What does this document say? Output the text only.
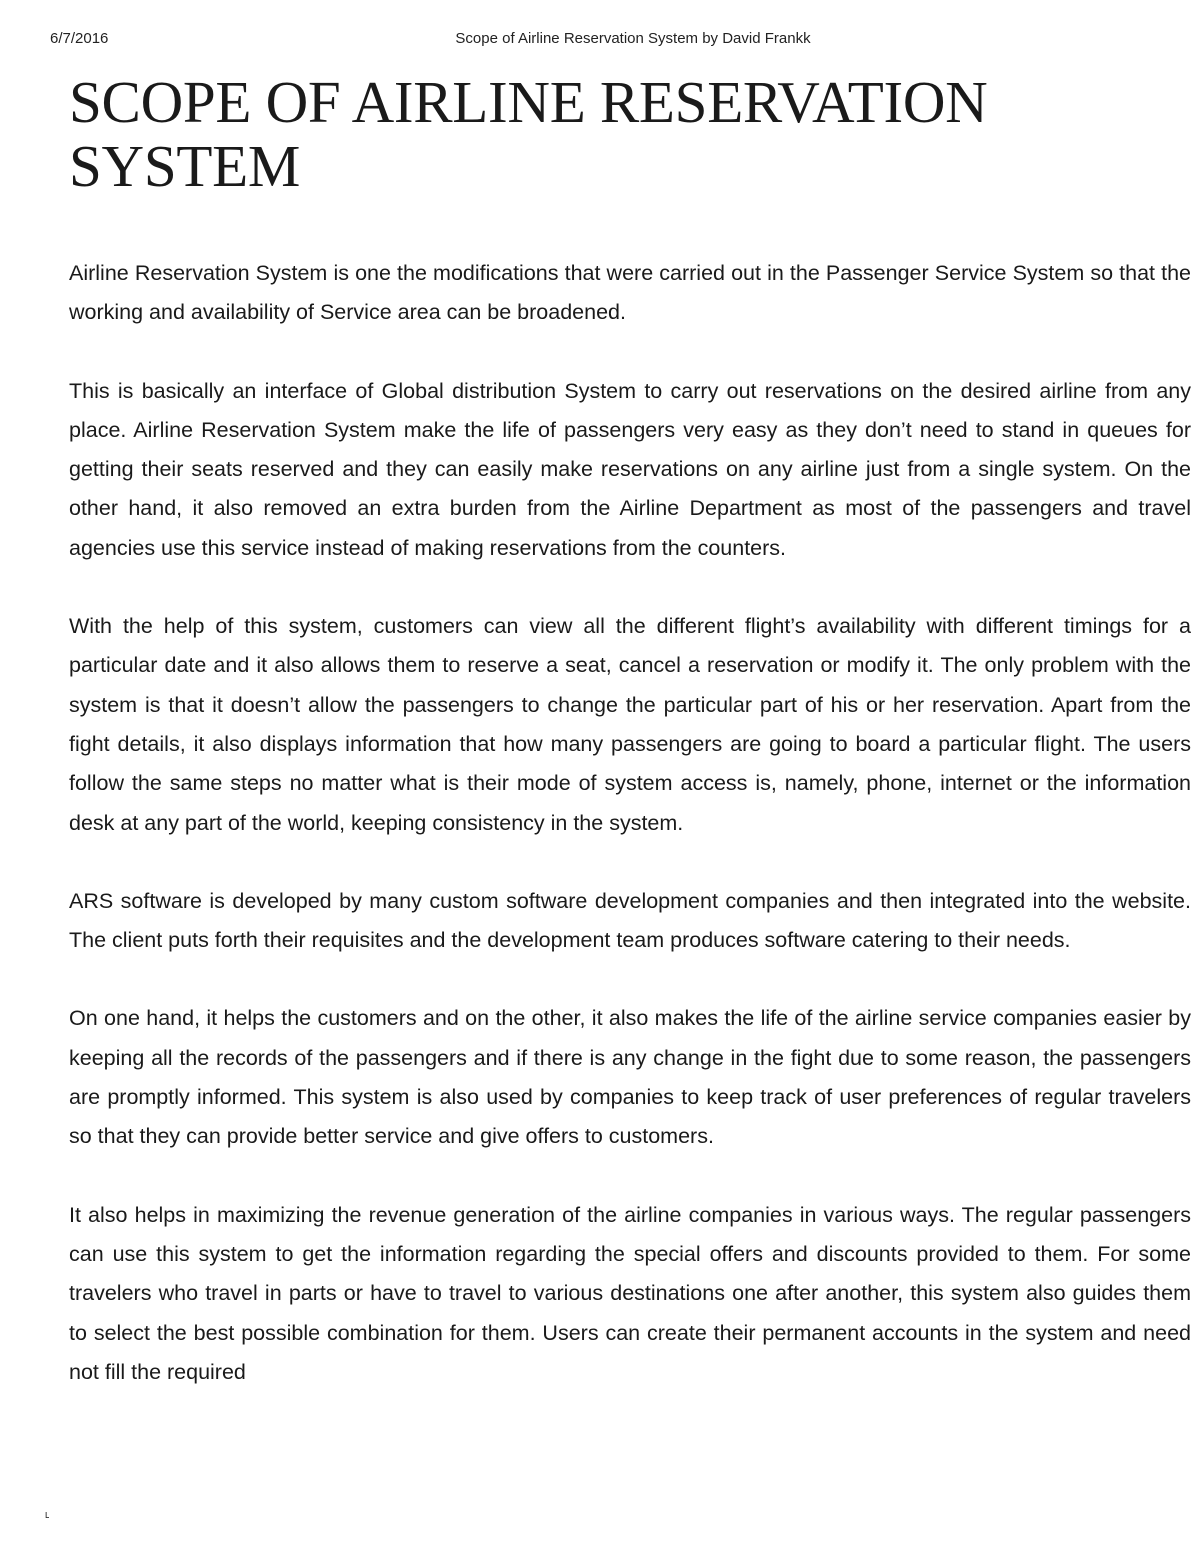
6/7/2016	Scope of Airline Reservation System by David Frankk
SCOPE OF AIRLINE RESERVATION SYSTEM

Airline Reservation System is one the modifications that were carried out in the Passenger Service System so that the working and availability of Service area can be broadened.

This is basically an interface of Global distribution System to carry out reservations on the desired airline from any place. Airline Reservation System make the life of passengers very easy as they don’t need to stand in queues for getting their seats reserved and they can easily make reservations on any airline just from a single system. On the other hand, it also removed an extra burden from the Airline Department as most of the passengers and travel agencies use this service instead of making reservations from the counters.

With the help of this system, customers can view all the different flight’s availability with different timings for a particular date and it also allows them to reserve a seat, cancel a reservation or modify it. The only problem with the system is that it doesn’t allow the passengers to change the particular part of his or her reservation. Apart from the fight details, it also displays information that how many passengers are going to board a particular flight. The users follow the same steps no matter what is their mode of system access is, namely, phone, internet or the information desk at any part of the world, keeping consistency in the system.

ARS software is developed by many custom software development companies and then integrated into the website. The client puts forth their requisites and the development team produces software catering to their needs.

On one hand, it helps the customers and on the other, it also makes the life of the airline service companies easier by keeping all the records of the passengers and if there is any change in the fight due to some reason, the passengers are promptly informed. This system is also used by companies to keep track of user preferences of regular travelers so that they can provide better service and give offers to customers.

It also helps in maximizing the revenue generation of the airline companies in various ways. The regular passengers can use this system to get the information regarding the special offers and discounts provided to them. For some travelers who travel in parts or have to travel to various destinations one after another, this system also guides them to select the best possible combination for them. Users can create their permanent accounts in the system and need not fill the required

˪
